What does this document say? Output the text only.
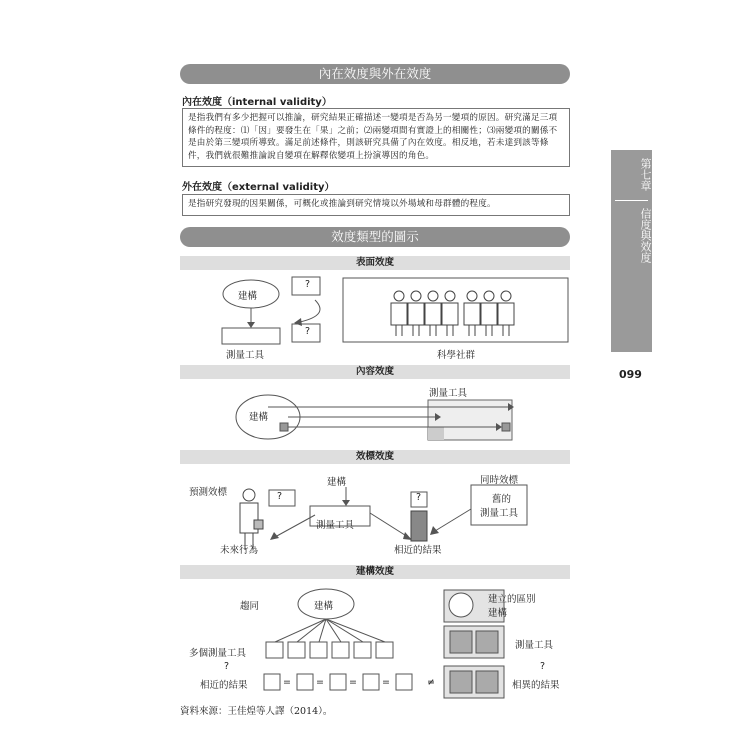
內在效度與外在效度
內在效度（internal validity）
是指我們有多少把握可以推論，研究結果正確描述一變項是否為另一變項的原因。研究滿足三項條件的程度：⑴「因」要發生在「果」之前；⑵兩變項間有實證上的相關性；⑶兩變項的關係不是由於第三變項所導致。滿足前述條件，則該研究具備了內在效度。相反地，若未達到該等條件，我們就很難推論說自變項在解釋依變項上扮演導因的角色。
外在效度（external validity）
是指研究發現的因果關係，可概化或推論到研究情境以外場域和母群體的程度。
效度類型的圖示
表面效度
建構
?
?
測量工具	科學社群
內容效度
建構
測量工具
效標效度
預測效標
同時效標
建構
測量工具
舊的
測量工具
?	?
未來行為	相近的結果
建構效度
趨同	建構
多個測量工具
?
相近的結果	=	=	=	=	≠
建立的區別
建構
測量工具
?
相異的結果
資料來源：王佳煌等人譯（2014）。
第七章
信度與效度
099
